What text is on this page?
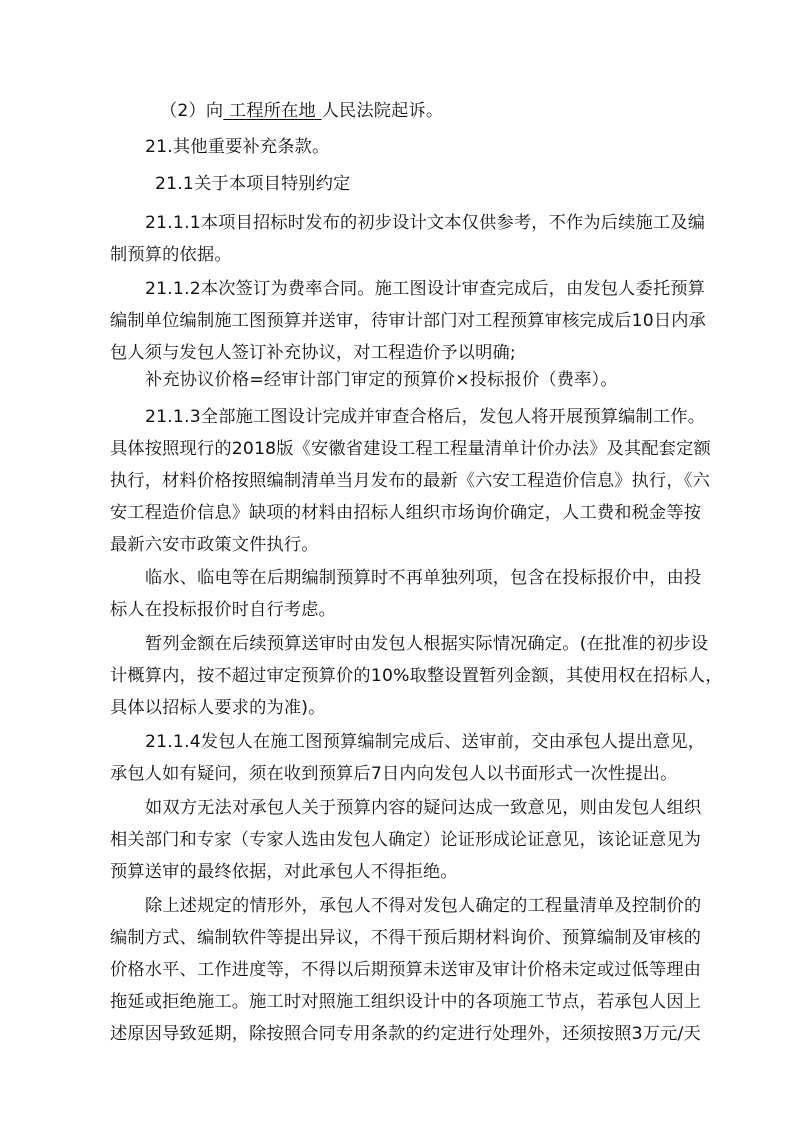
（2）向 工程所在地 人民法院起诉。
21.其他重要补充条款。
21.1关于本项目特别约定
21.1.1本项目招标时发布的初步设计文本仅供参考，不作为后续施工及编
制预算的依据。
21.1.2本次签订为费率合同。施工图设计审查完成后，由发包人委托预算
编制单位编制施工图预算并送审，待审计部门对工程预算审核完成后10日内承
包人须与发包人签订补充协议，对工程造价予以明确;
补充协议价格=经审计部门审定的预算价×投标报价（费率）。
21.1.3全部施工图设计完成并审查合格后，发包人将开展预算编制工作。
具体按照现行的2018版《安徽省建设工程工程量清单计价办法》及其配套定额
执行，材料价格按照编制清单当月发布的最新《六安工程造价信息》执行，《六
安工程造价信息》缺项的材料由招标人组织市场询价确定，人工费和税金等按
最新六安市政策文件执行。
临水、临电等在后期编制预算时不再单独列项，包含在投标报价中，由投
标人在投标报价时自行考虑。
暂列金额在后续预算送审时由发包人根据实际情况确定。(在批准的初步设
计概算内，按不超过审定预算价的10%取整设置暂列金额，其使用权在招标人，
具体以招标人要求的为准)。
21.1.4发包人在施工图预算编制完成后、送审前，交由承包人提出意见，
承包人如有疑问，须在收到预算后7日内向发包人以书面形式一次性提出。
如双方无法对承包人关于预算内容的疑问达成一致意见，则由发包人组织
相关部门和专家（专家人选由发包人确定）论证形成论证意见，该论证意见为
预算送审的最终依据，对此承包人不得拒绝。
除上述规定的情形外，承包人不得对发包人确定的工程量清单及控制价的
编制方式、编制软件等提出异议，不得干预后期材料询价、预算编制及审核的
价格水平、工作进度等，不得以后期预算未送审及审计价格未定或过低等理由
拖延或拒绝施工。施工时对照施工组织设计中的各项施工节点，若承包人因上
述原因导致延期，除按照合同专用条款的约定进行处理外，还须按照3万元/天
